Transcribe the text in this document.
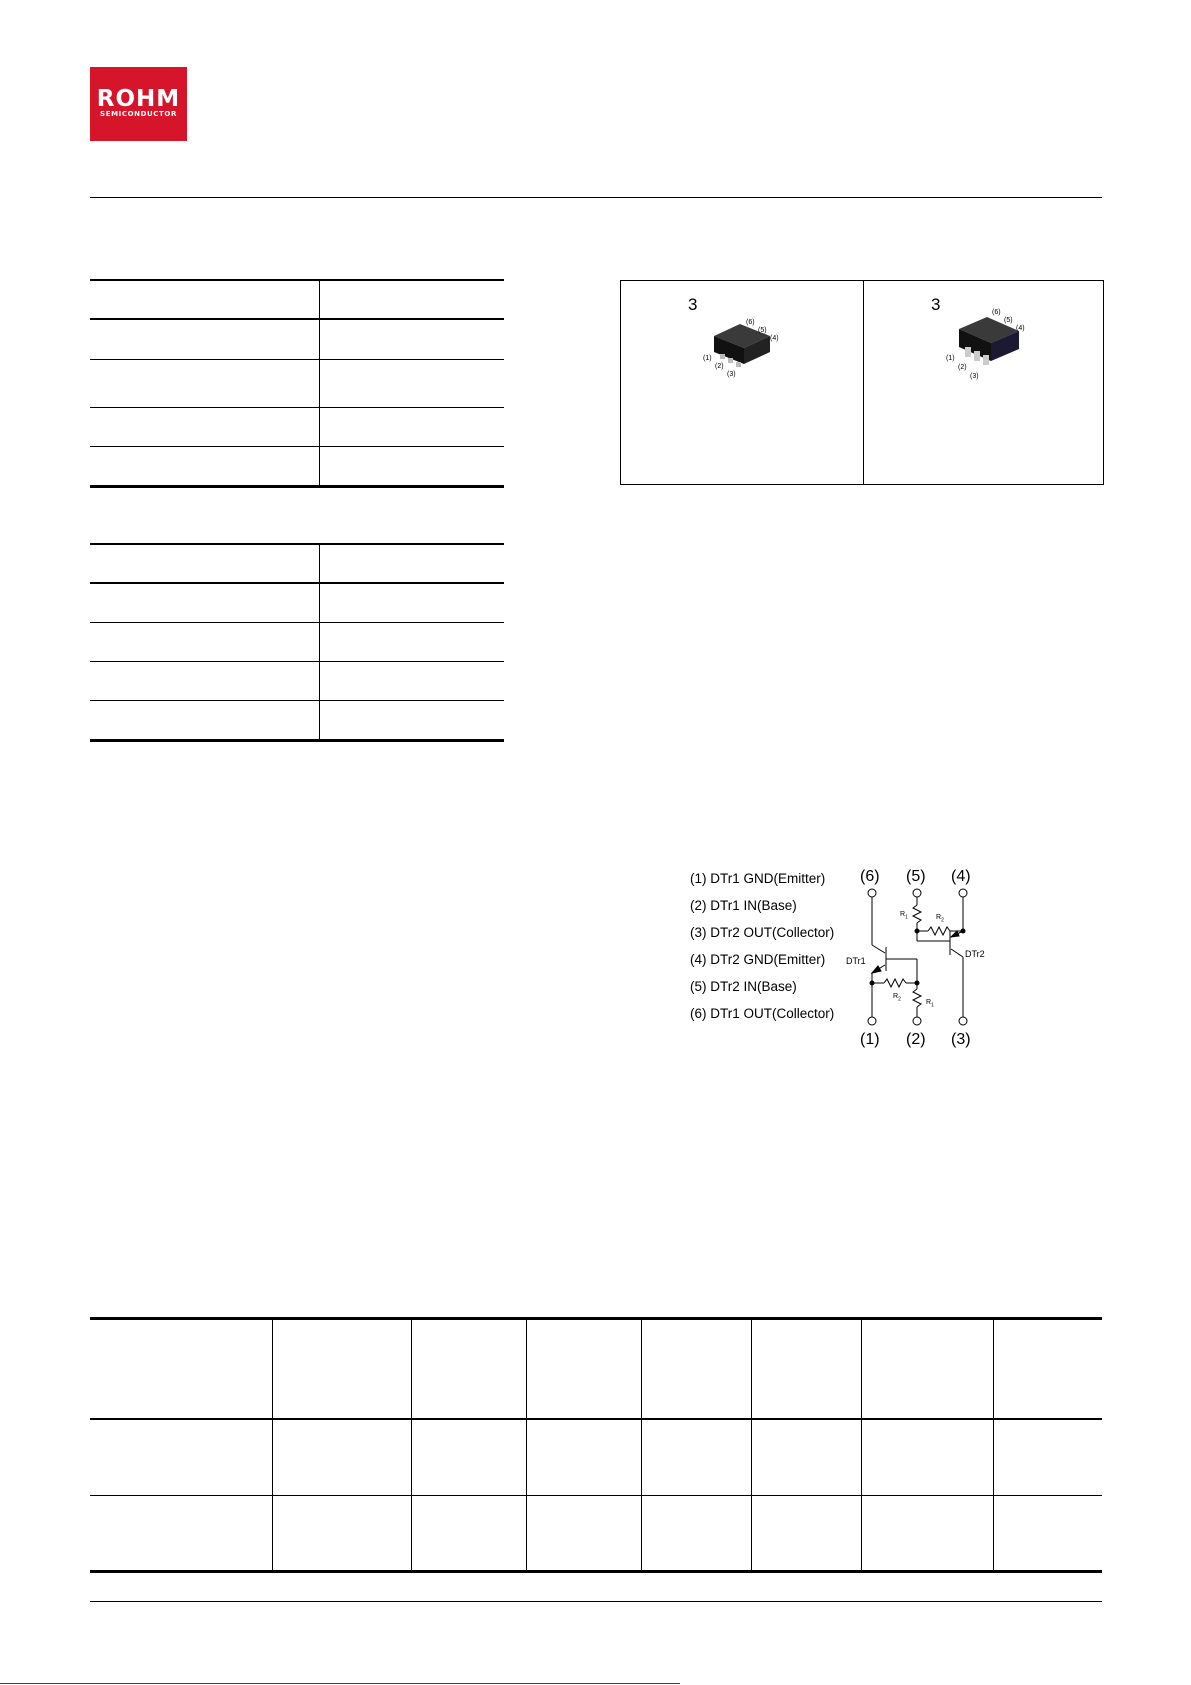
ROHM
SEMICONDUCTOR
3
(6)
(5)
(4)
(1)
(2)
(3)
3	(6)
(5)
(4)
(1)
(2)
(3)
(1) DTr1 GND(Emitter)
(2) DTr1 IN(Base)
(3) DTr2 OUT(Collector)
(4) DTr2 GND(Emitter)
(5) DTr2 IN(Base)
(6) DTr1 OUT(Collector)
(6) (5) (4)
(1) (2) (3)
DTr1
DTr2
$R_1$	$R_2$
$R_2$	$R_1$
